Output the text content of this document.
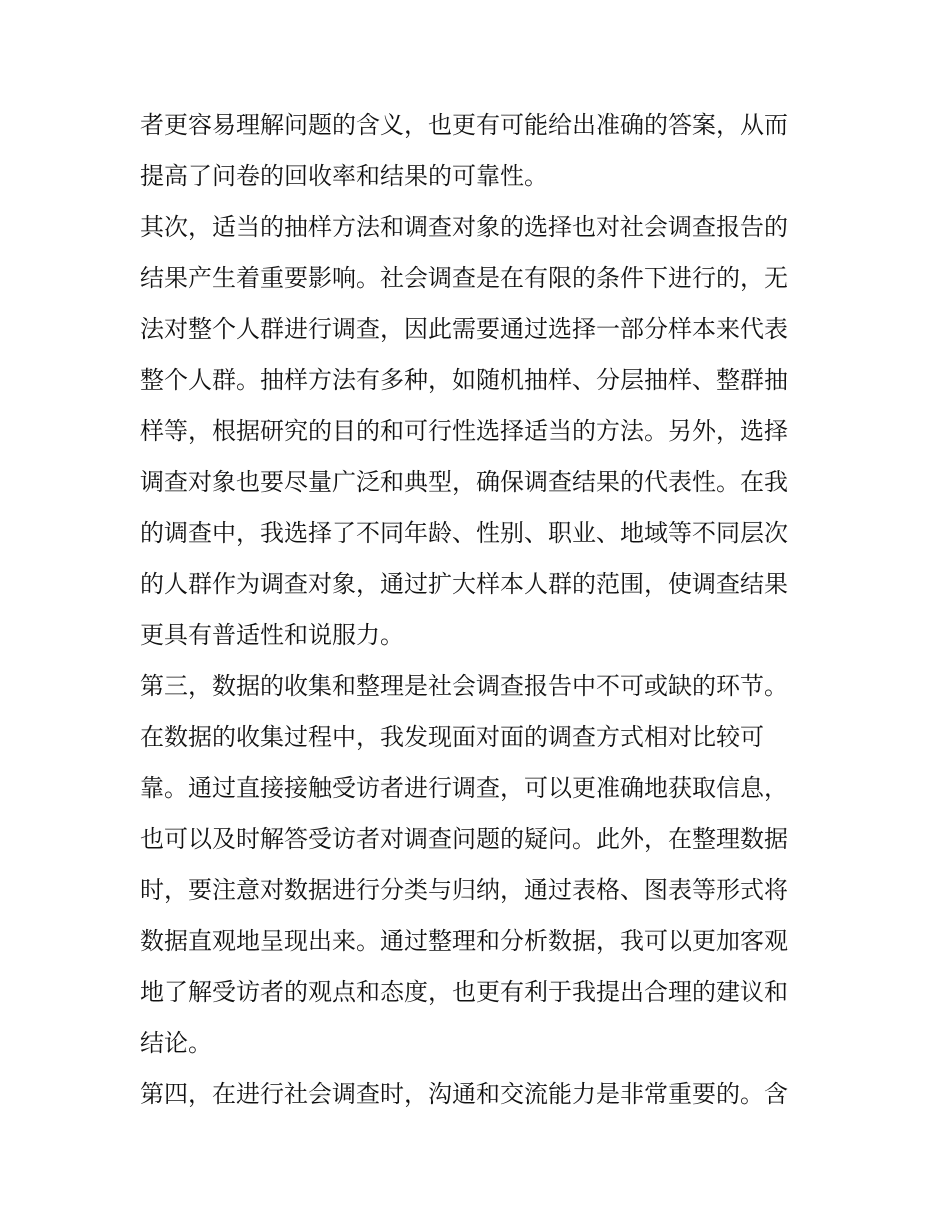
者更容易理解问题的含义，也更有可能给出准确的答案，从而
提高了问卷的回收率和结果的可靠性。
其次，适当的抽样方法和调查对象的选择也对社会调查报告的
结果产生着重要影响。社会调查是在有限的条件下进行的，无
法对整个人群进行调查，因此需要通过选择一部分样本来代表
整个人群。抽样方法有多种，如随机抽样、分层抽样、整群抽
样等，根据研究的目的和可行性选择适当的方法。另外，选择
调查对象也要尽量广泛和典型，确保调查结果的代表性。在我
的调查中，我选择了不同年龄、性别、职业、地域等不同层次
的人群作为调查对象，通过扩大样本人群的范围，使调查结果
更具有普适性和说服力。
第三，数据的收集和整理是社会调查报告中不可或缺的环节。
在数据的收集过程中，我发现面对面的调查方式相对比较可
靠。通过直接接触受访者进行调查，可以更准确地获取信息，
也可以及时解答受访者对调查问题的疑问。此外，在整理数据
时，要注意对数据进行分类与归纳，通过表格、图表等形式将
数据直观地呈现出来。通过整理和分析数据，我可以更加客观
地了解受访者的观点和态度，也更有利于我提出合理的建议和
结论。
第四，在进行社会调查时，沟通和交流能力是非常重要的。含
